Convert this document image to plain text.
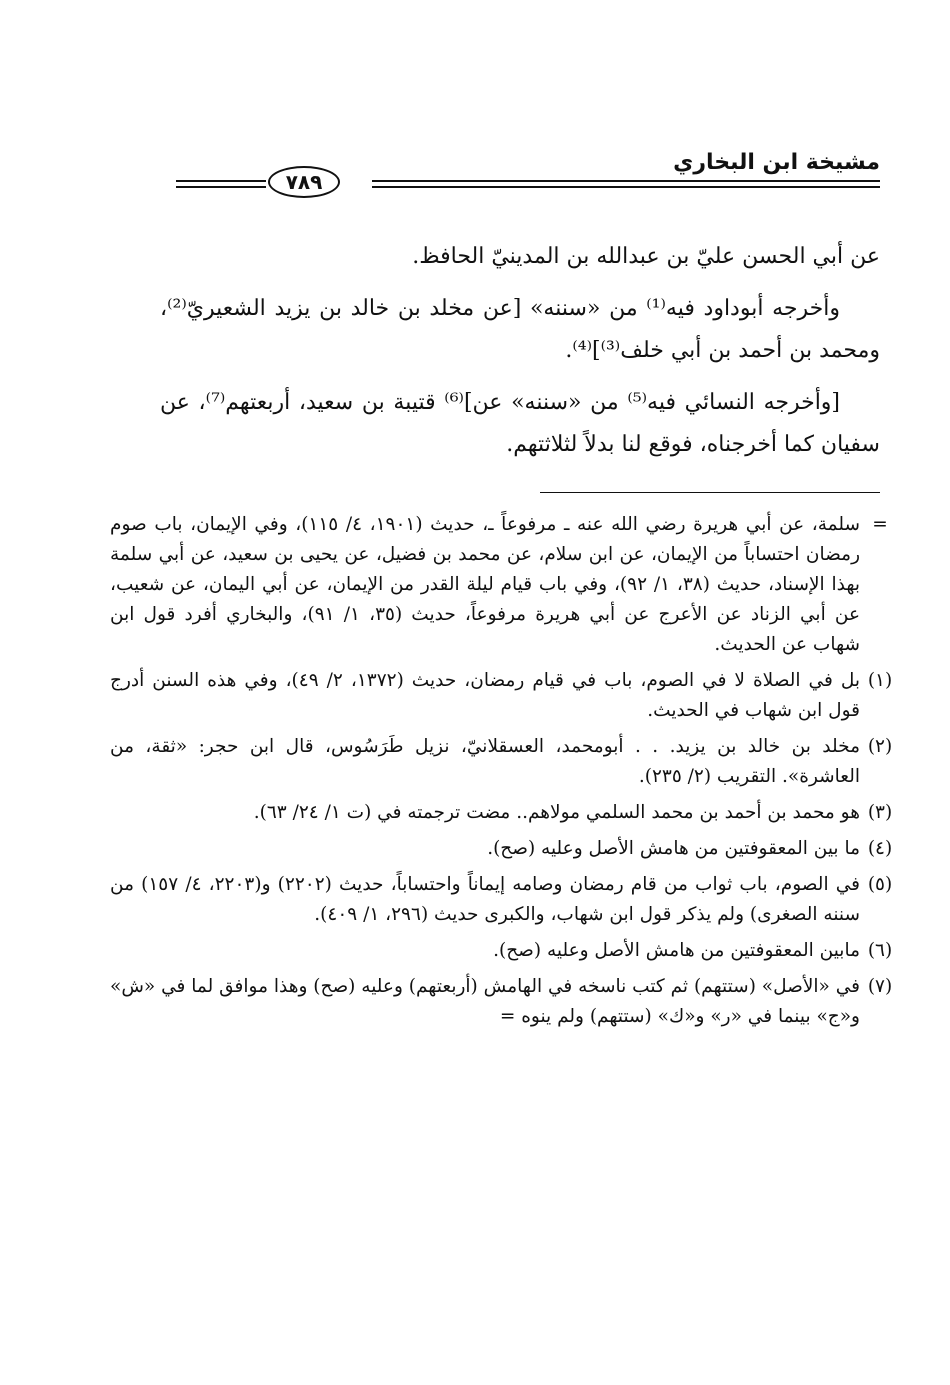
مشيخة ابن البخاري
٧٨٩

عن أبي الحسن عليّ بن عبدالله بن المدينيّ الحافظ.

وأخرجه أبوداود فيه⁽¹⁾ من «سننه» [عن مخلد بن خالد بن يزيد الشعيريّ⁽²⁾، ومحمد بن أحمد بن أبي خلف⁽³⁾]⁽⁴⁾.

[وأخرجه النسائي فيه⁽⁵⁾ من «سننه» عن]⁽⁶⁾ قتيبة بن سعيد، أربعتهم⁽⁷⁾، عن سفيان كما أخرجناه، فوقع لنا بدلاً لثلاثتهم.

=
سلمة، عن أبي هريرة رضي الله عنه ـ مرفوعاً ـ، حديث (١٩٠١، ٤/ ١١٥)، وفي الإيمان، باب صوم رمضان احتساباً من الإيمان، عن ابن سلام، عن محمد بن فضيل، عن يحيى بن سعيد، عن أبي سلمة بهذا الإسناد، حديث (٣٨، ١/ ٩٢)، وفي باب قيام ليلة القدر من الإيمان، عن أبي اليمان، عن شعيب، عن أبي الزناد عن الأعرج عن أبي هريرة مرفوعاً، حديث (٣٥، ١/ ٩١)، والبخاري أفرد قول ابن شهاب عن الحديث.
(١)
بل في الصلاة لا في الصوم، باب في قيام رمضان، حديث (١٣٧٢، ٢/ ٤٩)، وفي هذه السنن أدرج قول ابن شهاب في الحديث.
(٢)
مخلد بن خالد بن يزيد. . . أبومحمد، العسقلانيّ، نزيل طَرَسُوس، قال ابن حجر: «ثقة، من العاشرة». التقريب (٢/ ٢٣٥).
(٣)
هو محمد بن أحمد بن محمد السلمي مولاهم.. مضت ترجمته في (ت ١/ ٢٤/ ٦٣).
(٤)
ما بين المعقوفتين من هامش الأصل وعليه (صح).
(٥)
في الصوم، باب ثواب من قام رمضان وصامه إيماناً واحتساباً، حديث (٢٢٠٢) و(٢٢٠٣، ٤/ ١٥٧) من سننه الصغرى) ولم يذكر قول ابن شهاب، والكبرى حديث (٢٩٦، ١/ ٤٠٩).
(٦)
مابين المعقوفتين من هامش الأصل وعليه (صح).
(٧)
في «الأصل» (ستتهم) ثم كتب ناسخه في الهامش (أربعتهم) وعليه (صح) وهذا موافق لما في «ش» و«ج» بينما في «ر» و«ك» (ستتهم) ولم ينوه =
